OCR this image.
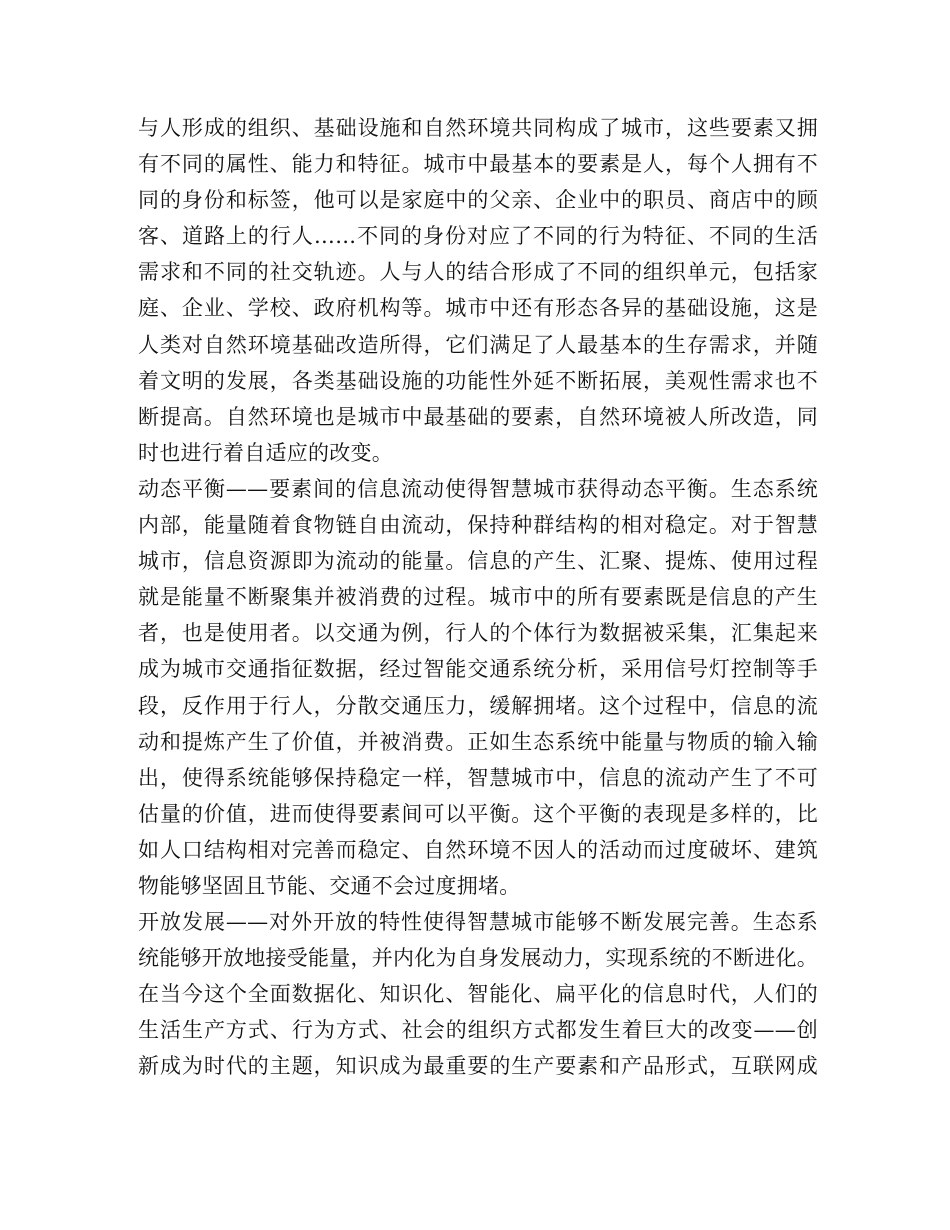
与人形成的组织、基础设施和自然环境共同构成了城市，这些要素又拥
有不同的属性、能力和特征。城市中最基本的要素是人，每个人拥有不
同的身份和标签，他可以是家庭中的父亲、企业中的职员、商店中的顾
客、道路上的行人……不同的身份对应了不同的行为特征、不同的生活
需求和不同的社交轨迹。人与人的结合形成了不同的组织单元，包括家
庭、企业、学校、政府机构等。城市中还有形态各异的基础设施，这是
人类对自然环境基础改造所得，它们满足了人最基本的生存需求，并随
着文明的发展，各类基础设施的功能性外延不断拓展，美观性需求也不
断提高。自然环境也是城市中最基础的要素，自然环境被人所改造，同
时也进行着自适应的改变。
动态平衡——要素间的信息流动使得智慧城市获得动态平衡。生态系统
内部，能量随着食物链自由流动，保持种群结构的相对稳定。对于智慧
城市，信息资源即为流动的能量。信息的产生、汇聚、提炼、使用过程
就是能量不断聚集并被消费的过程。城市中的所有要素既是信息的产生
者，也是使用者。以交通为例，行人的个体行为数据被采集，汇集起来
成为城市交通指征数据，经过智能交通系统分析，采用信号灯控制等手
段，反作用于行人，分散交通压力，缓解拥堵。这个过程中，信息的流
动和提炼产生了价值，并被消费。正如生态系统中能量与物质的输入输
出，使得系统能够保持稳定一样，智慧城市中，信息的流动产生了不可
估量的价值，进而使得要素间可以平衡。这个平衡的表现是多样的，比
如人口结构相对完善而稳定、自然环境不因人的活动而过度破坏、建筑
物能够坚固且节能、交通不会过度拥堵。
开放发展——对外开放的特性使得智慧城市能够不断发展完善。生态系
统能够开放地接受能量，并内化为自身发展动力，实现系统的不断进化。
在当今这个全面数据化、知识化、智能化、扁平化的信息时代，人们的
生活生产方式、行为方式、社会的组织方式都发生着巨大的改变——创
新成为时代的主题，知识成为最重要的生产要素和产品形式，互联网成
